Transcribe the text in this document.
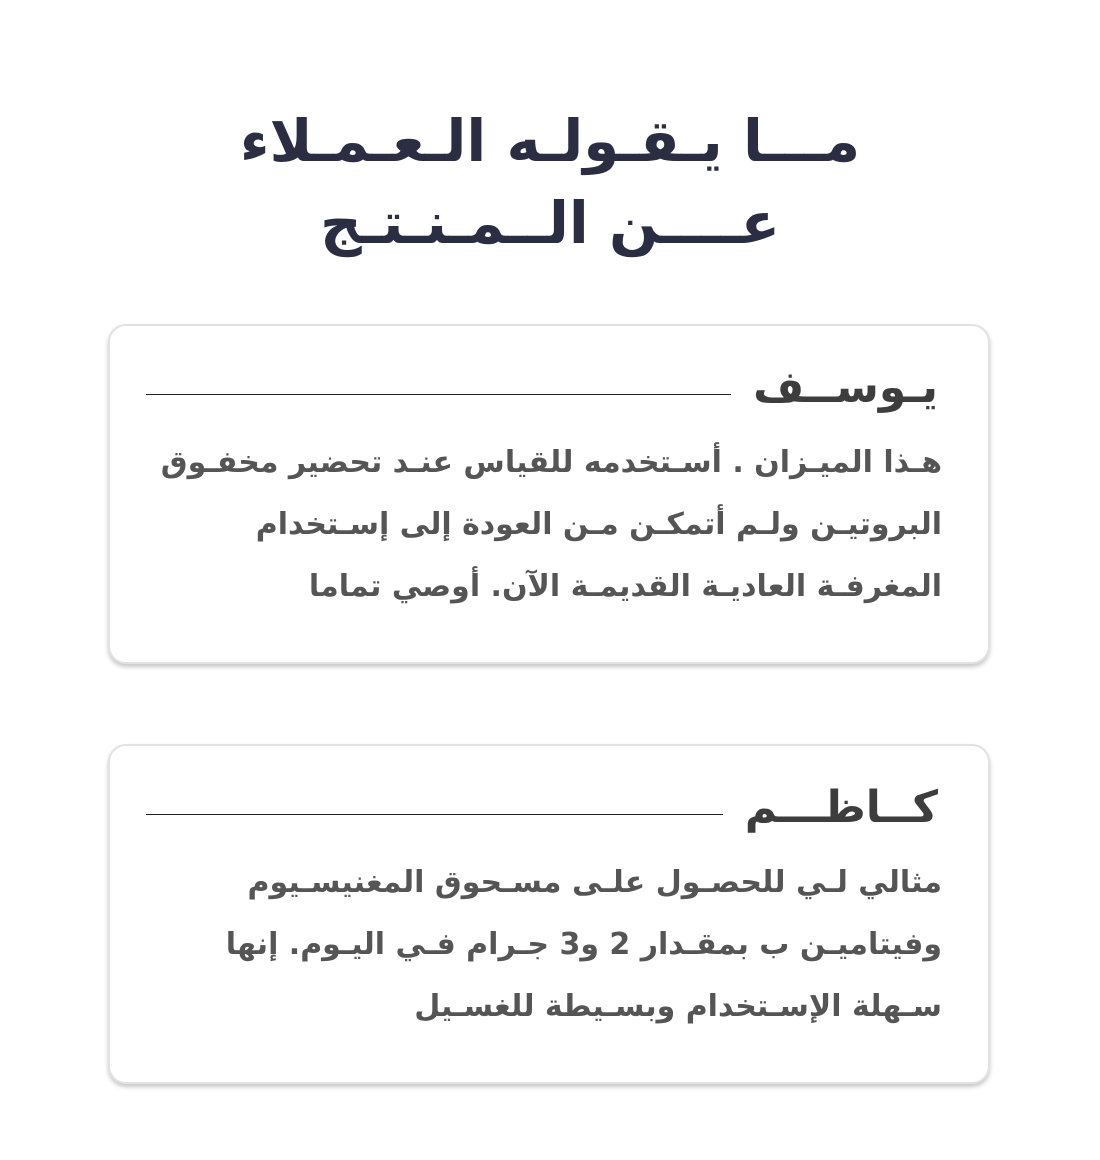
مـــا يـقـولـه الـعـمـلاء
عــــن الــمـنـتـج
يـوســف
هـذا الميـزان . أسـتخدمه للقياس عنـد تحضير مخفـوق
البروتيـن ولـم أتمكـن مـن العودة إلى إسـتخدام
المغرفـة العاديـة القديمـة الآن. أوصي تماما
كــاظـــم
مثالي لـي للحصـول علـى مسـحوق المغنيسـيوم
وفيتاميـن ب بمقـدار 2 و3 جـرام فـي اليـوم. إنها
سـهلة الإسـتخدام وبسـيطة للغسـيل
